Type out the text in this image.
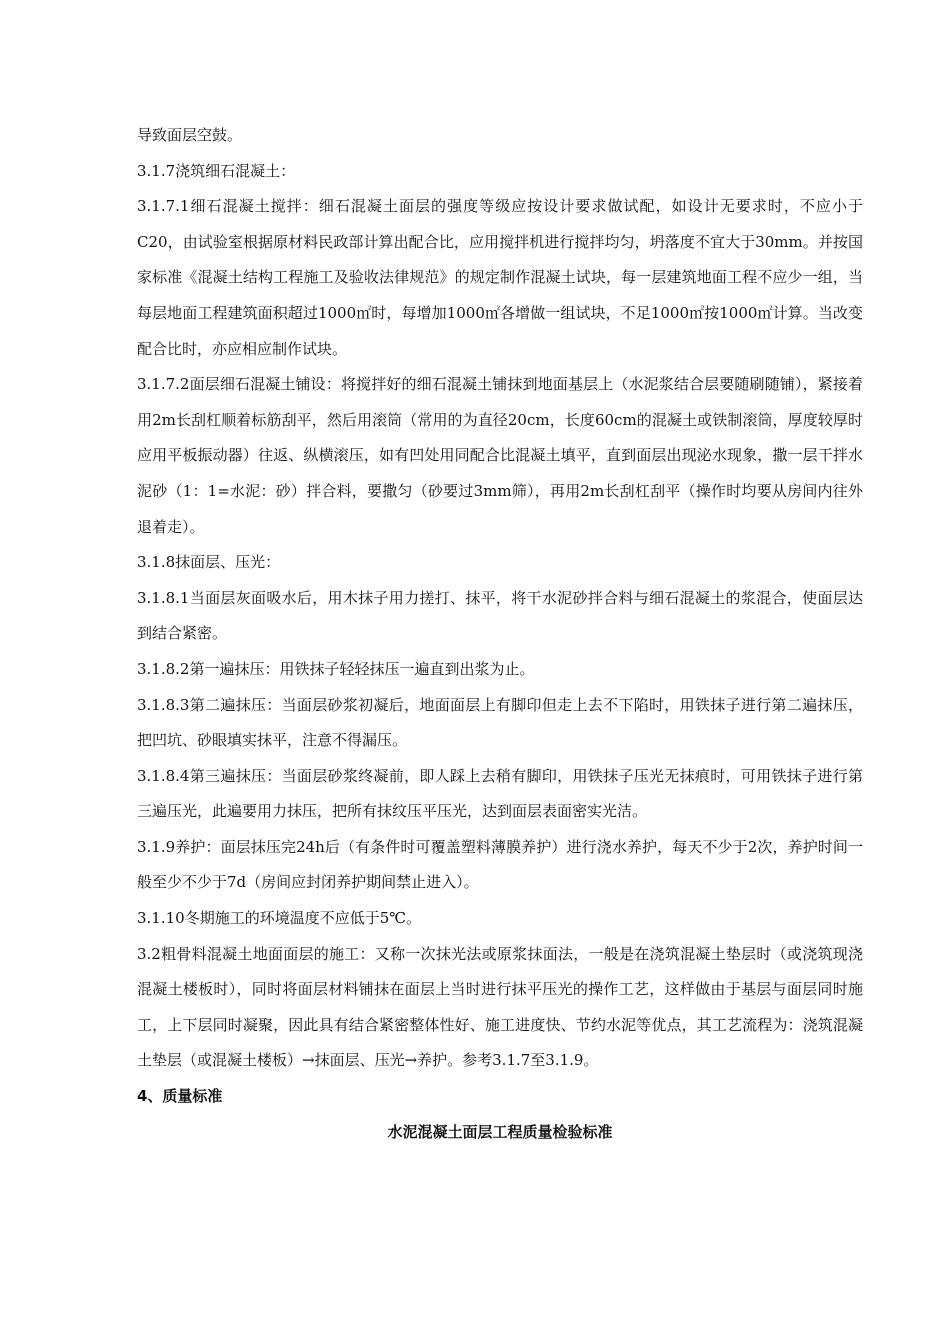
导致面层空鼓。

3.1.7浇筑细石混凝土：

3.1.7.1细石混凝土搅拌：细石混凝土面层的强度等级应按设计要求做试配，如设计无要求时，不应小于C20，由试验室根据原材料民政部计算出配合比，应用搅拌机进行搅拌均匀，坍落度不宜大于30mm。并按国家标准《混凝土结构工程施工及验收法律规范》的规定制作混凝土试块，每一层建筑地面工程不应少一组，当每层地面工程建筑面积超过1000㎡时，每增加1000㎡各增做一组试块，不足1000㎡按1000㎡计算。当改变配合比时，亦应相应制作试块。

3.1.7.2面层细石混凝土铺设：将搅拌好的细石混凝土铺抹到地面基层上（水泥浆结合层要随刷随铺），紧接着用2m长刮杠顺着标筋刮平，然后用滚筒（常用的为直径20cm，长度60cm的混凝土或铁制滚筒，厚度较厚时应用平板振动器）往返、纵横滚压，如有凹处用同配合比混凝土填平，直到面层出现泌水现象，撒一层干拌水泥砂（1：1=水泥：砂）拌合料，要撒匀（砂要过3mm筛），再用2m长刮杠刮平（操作时均要从房间内往外退着走）。

3.1.8抹面层、压光：

3.1.8.1当面层灰面吸水后，用木抹子用力搓打、抹平，将干水泥砂拌合料与细石混凝土的浆混合，使面层达到结合紧密。

3.1.8.2第一遍抹压：用铁抹子轻轻抹压一遍直到出浆为止。

3.1.8.3第二遍抹压：当面层砂浆初凝后，地面面层上有脚印但走上去不下陷时，用铁抹子进行第二遍抹压，把凹坑、砂眼填实抹平，注意不得漏压。

3.1.8.4第三遍抹压：当面层砂浆终凝前，即人踩上去稍有脚印，用铁抹子压光无抹痕时，可用铁抹子进行第三遍压光，此遍要用力抹压，把所有抹纹压平压光，达到面层表面密实光洁。

3.1.9养护：面层抹压完24h后（有条件时可覆盖塑料薄膜养护）进行浇水养护，每天不少于2次，养护时间一般至少不少于7d（房间应封闭养护期间禁止进入）。

3.1.10冬期施工的环境温度不应低于5℃。

3.2粗骨料混凝土地面面层的施工：又称一次抹光法或原浆抹面法，一般是在浇筑混凝土垫层时（或浇筑现浇混凝土楼板时），同时将面层材料铺抹在面层上当时进行抹平压光的操作工艺，这样做由于基层与面层同时施工，上下层同时凝聚，因此具有结合紧密整体性好、施工进度快、节约水泥等优点，其工艺流程为：浇筑混凝土垫层（或混凝土楼板）→抹面层、压光→养护。参考3.1.7至3.1.9。

4、质量标准

水泥混凝土面层工程质量检验标准
